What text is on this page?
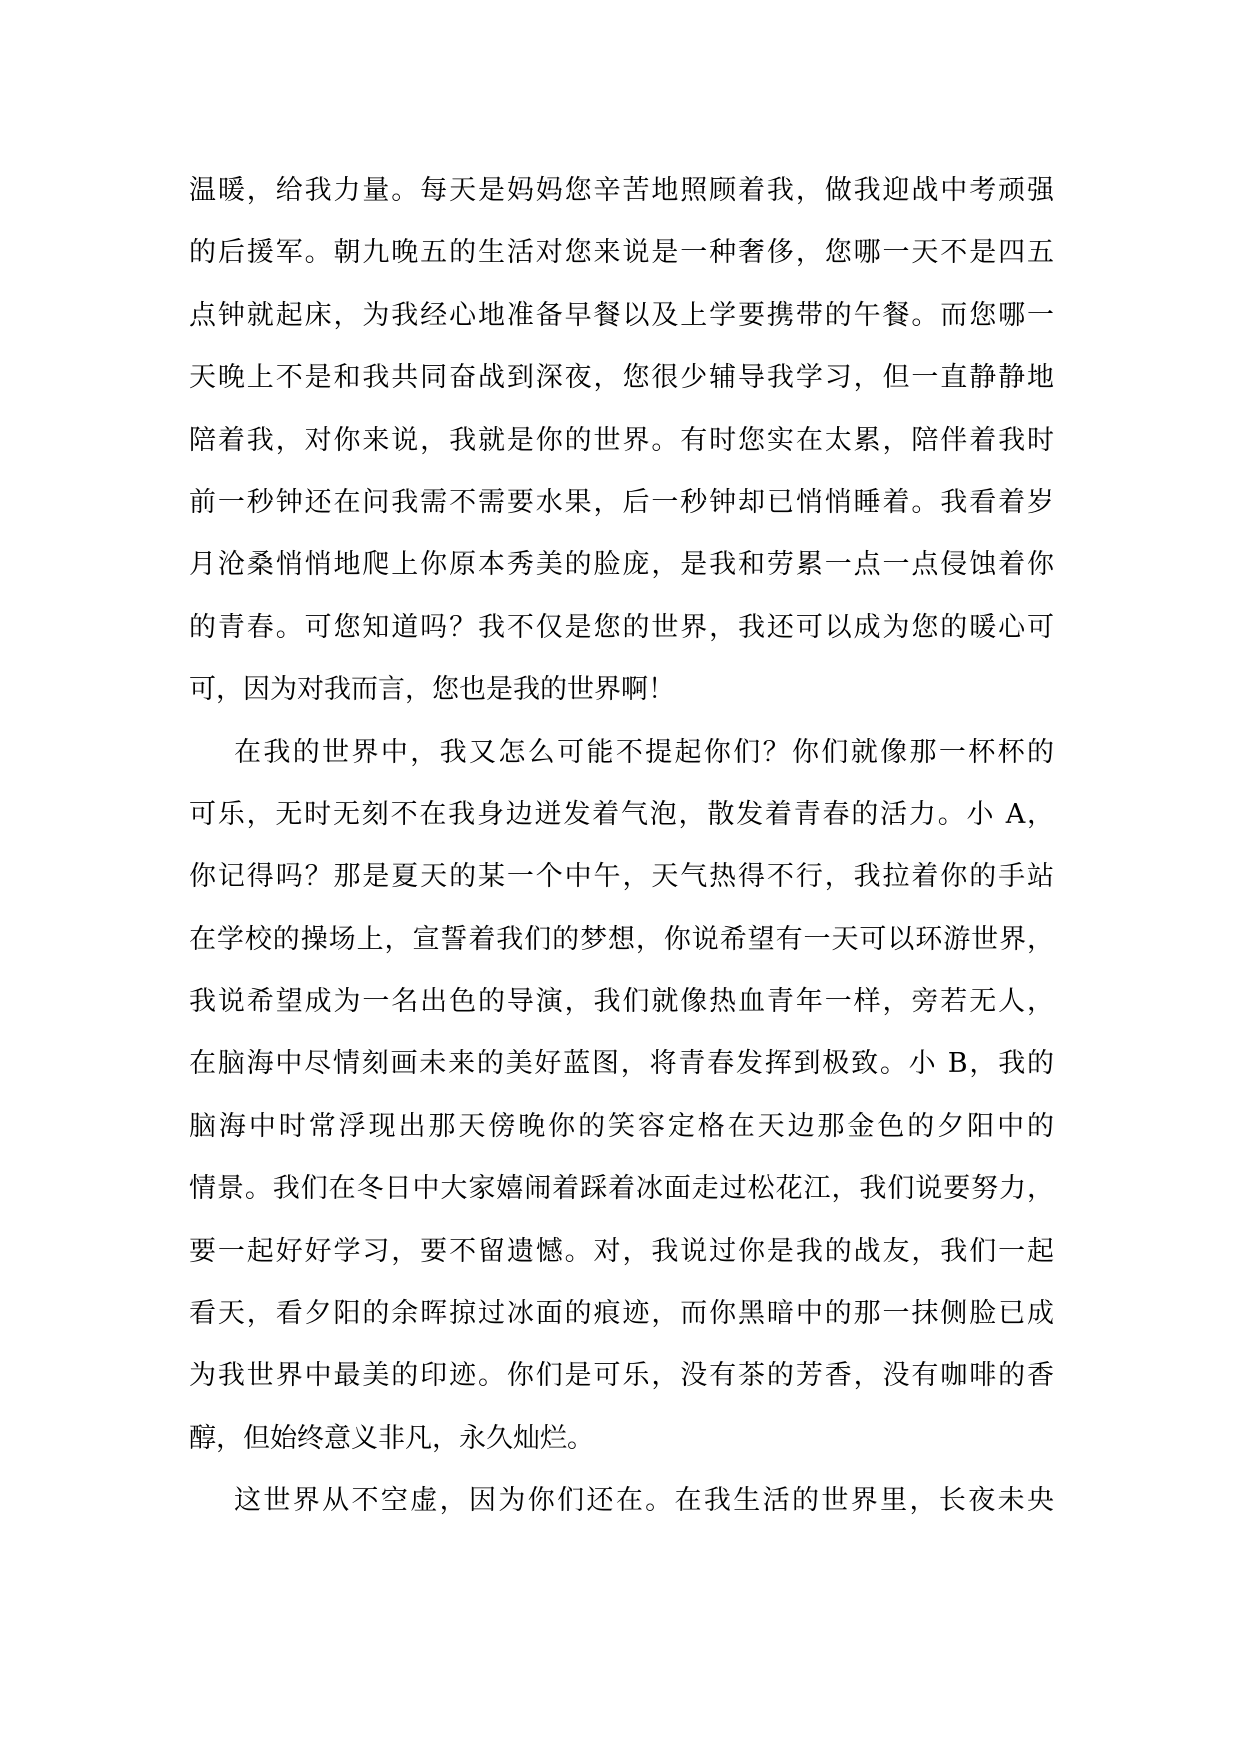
温暖，给我力量。每天是妈妈您辛苦地照顾着我，做我迎战中考顽强
的后援军。朝九晚五的生活对您来说是一种奢侈，您哪一天不是四五
点钟就起床，为我经心地准备早餐以及上学要携带的午餐。而您哪一
天晚上不是和我共同奋战到深夜，您很少辅导我学习，但一直静静地
陪着我，对你来说，我就是你的世界。有时您实在太累，陪伴着我时
前一秒钟还在问我需不需要水果，后一秒钟却已悄悄睡着。我看着岁
月沧桑悄悄地爬上你原本秀美的脸庞，是我和劳累一点一点侵蚀着你
的青春。可您知道吗？我不仅是您的世界，我还可以成为您的暖心可
可，因为对我而言，您也是我的世界啊！
在我的世界中，我又怎么可能不提起你们？你们就像那一杯杯的
可乐，无时无刻不在我身边迸发着气泡，散发着青春的活力。小 A，
你记得吗？那是夏天的某一个中午，天气热得不行，我拉着你的手站
在学校的操场上，宣誓着我们的梦想，你说希望有一天可以环游世界，
我说希望成为一名出色的导演，我们就像热血青年一样，旁若无人，
在脑海中尽情刻画未来的美好蓝图，将青春发挥到极致。小 B，我的
脑海中时常浮现出那天傍晚你的笑容定格在天边那金色的夕阳中的
情景。我们在冬日中大家嬉闹着踩着冰面走过松花江，我们说要努力，
要一起好好学习，要不留遗憾。对，我说过你是我的战友，我们一起
看天，看夕阳的余晖掠过冰面的痕迹，而你黑暗中的那一抹侧脸已成
为我世界中最美的印迹。你们是可乐，没有茶的芳香，没有咖啡的香
醇，但始终意义非凡，永久灿烂。
这世界从不空虚，因为你们还在。在我生活的世界里，长夜未央
